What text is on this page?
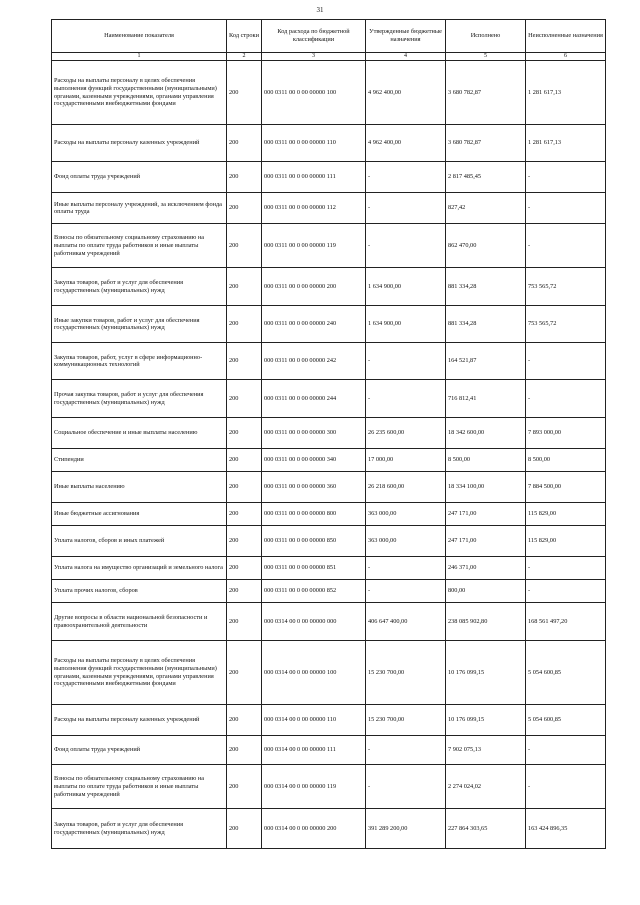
31
Наименование показателя	Код строки	Код расхода по бюджетной классификации	Утвержденные бюджетные назначения	Исполнено	Неисполненные назначения
1	2	3	4	5	6
Расходы на выплаты персоналу в целях обеспечения выполнения функций государственными (муниципальными) органами, казенными учреждениями, органами управления государственными внебюджетными фондами	200	000 0311 00 0 00 00000 100	4 962 400,00	3 680 782,87	1 281 617,13
Расходы на выплаты персоналу казенных учреждений	200	000 0311 00 0 00 00000 110	4 962 400,00	3 680 782,87	1 281 617,13
Фонд оплаты труда учреждений	200	000 0311 00 0 00 00000 111	-	2 817 485,45	-
Иные выплаты персоналу учреждений, за исключением фонда оплаты труда	200	000 0311 00 0 00 00000 112	-	827,42	-
Взносы по обязательному социальному страхованию на выплаты по оплате труда работников и иные выплаты работникам учреждений	200	000 0311 00 0 00 00000 119	-	862 470,00	-
Закупка товаров, работ и услуг для обеспечения государственных (муниципальных) нужд	200	000 0311 00 0 00 00000 200	1 634 900,00	881 334,28	753 565,72
Иные закупки товаров, работ и услуг для обеспечения государственных (муниципальных) нужд	200	000 0311 00 0 00 00000 240	1 634 900,00	881 334,28	753 565,72
Закупка товаров, работ, услуг в сфере информационно-коммуникационных технологий	200	000 0311 00 0 00 00000 242	-	164 521,87	-
Прочая закупка товаров, работ и услуг для обеспечения государственных (муниципальных) нужд	200	000 0311 00 0 00 00000 244	-	716 812,41	-
Социальное обеспечение и иные выплаты населению	200	000 0311 00 0 00 00000 300	26 235 600,00	18 342 600,00	7 893 000,00
Стипендии	200	000 0311 00 0 00 00000 340	17 000,00	8 500,00	8 500,00
Иные выплаты населению	200	000 0311 00 0 00 00000 360	26 218 600,00	18 334 100,00	7 884 500,00
Иные бюджетные ассигнования	200	000 0311 00 0 00 00000 800	363 000,00	247 171,00	115 829,00
Уплата налогов, сборов и иных платежей	200	000 0311 00 0 00 00000 850	363 000,00	247 171,00	115 829,00
Уплата налога на имущество организаций и земельного налога	200	000 0311 00 0 00 00000 851	-	246 371,00	-
Уплата прочих налогов, сборов	200	000 0311 00 0 00 00000 852	-	800,00	-
Другие вопросы в области национальной безопасности и правоохранительной деятельности	200	000 0314 00 0 00 00000 000	406 647 400,00	238 085 902,80	168 561 497,20
Расходы на выплаты персоналу в целях обеспечения выполнения функций государственными (муниципальными) органами, казенными учреждениями, органами управления государственными внебюджетными фондами	200	000 0314 00 0 00 00000 100	15 230 700,00	10 176 099,15	5 054 600,85
Расходы на выплаты персоналу казенных учреждений	200	000 0314 00 0 00 00000 110	15 230 700,00	10 176 099,15	5 054 600,85
Фонд оплаты труда учреждений	200	000 0314 00 0 00 00000 111	-	7 902 075,13	-
Взносы по обязательному социальному страхованию на выплаты по оплате труда работников и иные выплаты работникам учреждений	200	000 0314 00 0 00 00000 119	-	2 274 024,02	-
Закупка товаров, работ и услуг для обеспечения государственных (муниципальных) нужд	200	000 0314 00 0 00 00000 200	391 289 200,00	227 864 303,65	163 424 896,35
